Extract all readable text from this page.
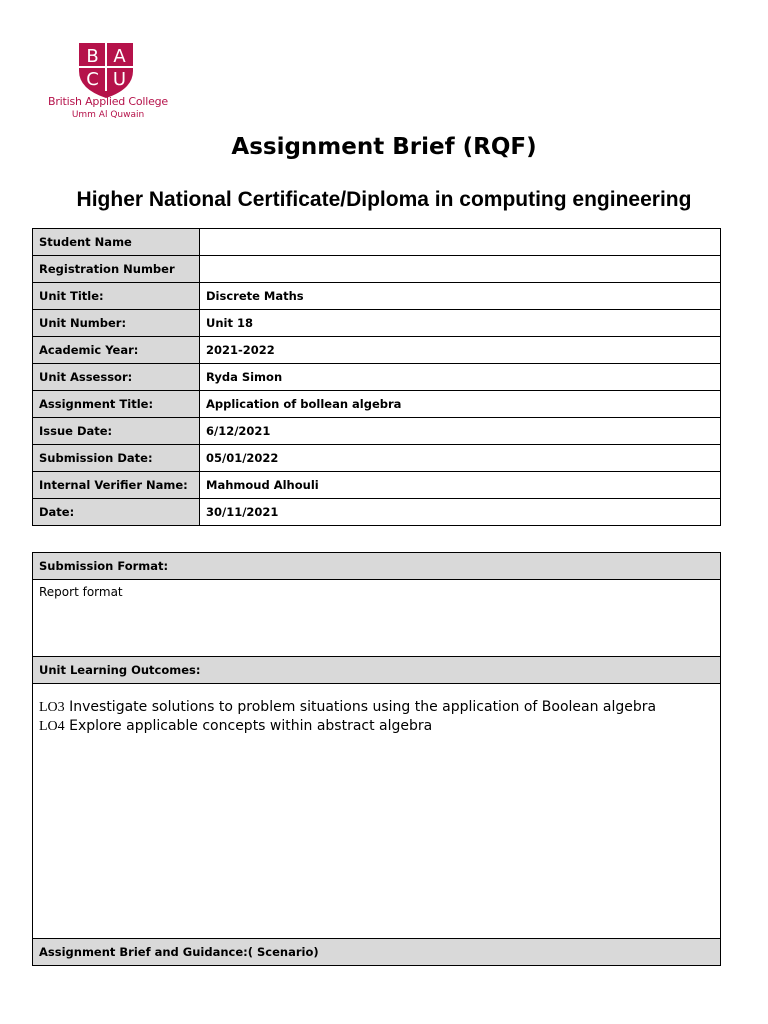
B A
C U
British Applied College
Umm Al Quwain
Assignment Brief (RQF)
Higher National Certificate/Diploma in computing engineering
Student Name	
Registration Number	
Unit Title:	Discrete Maths
Unit Number:	Unit 18
Academic Year:	2021-2022
Unit Assessor:	Ryda Simon
Assignment Title:	Application of bollean algebra
Issue Date:	6/12/2021
Submission Date:	05/01/2022
Internal Verifier Name:	Mahmoud Alhouli
Date:	30/11/2021
Submission Format:
Report format
Unit Learning Outcomes:

LO3 Investigate solutions to problem situations using the application of Boolean algebra
LO4 Explore applicable concepts within abstract algebra

Assignment Brief and Guidance:( Scenario)
